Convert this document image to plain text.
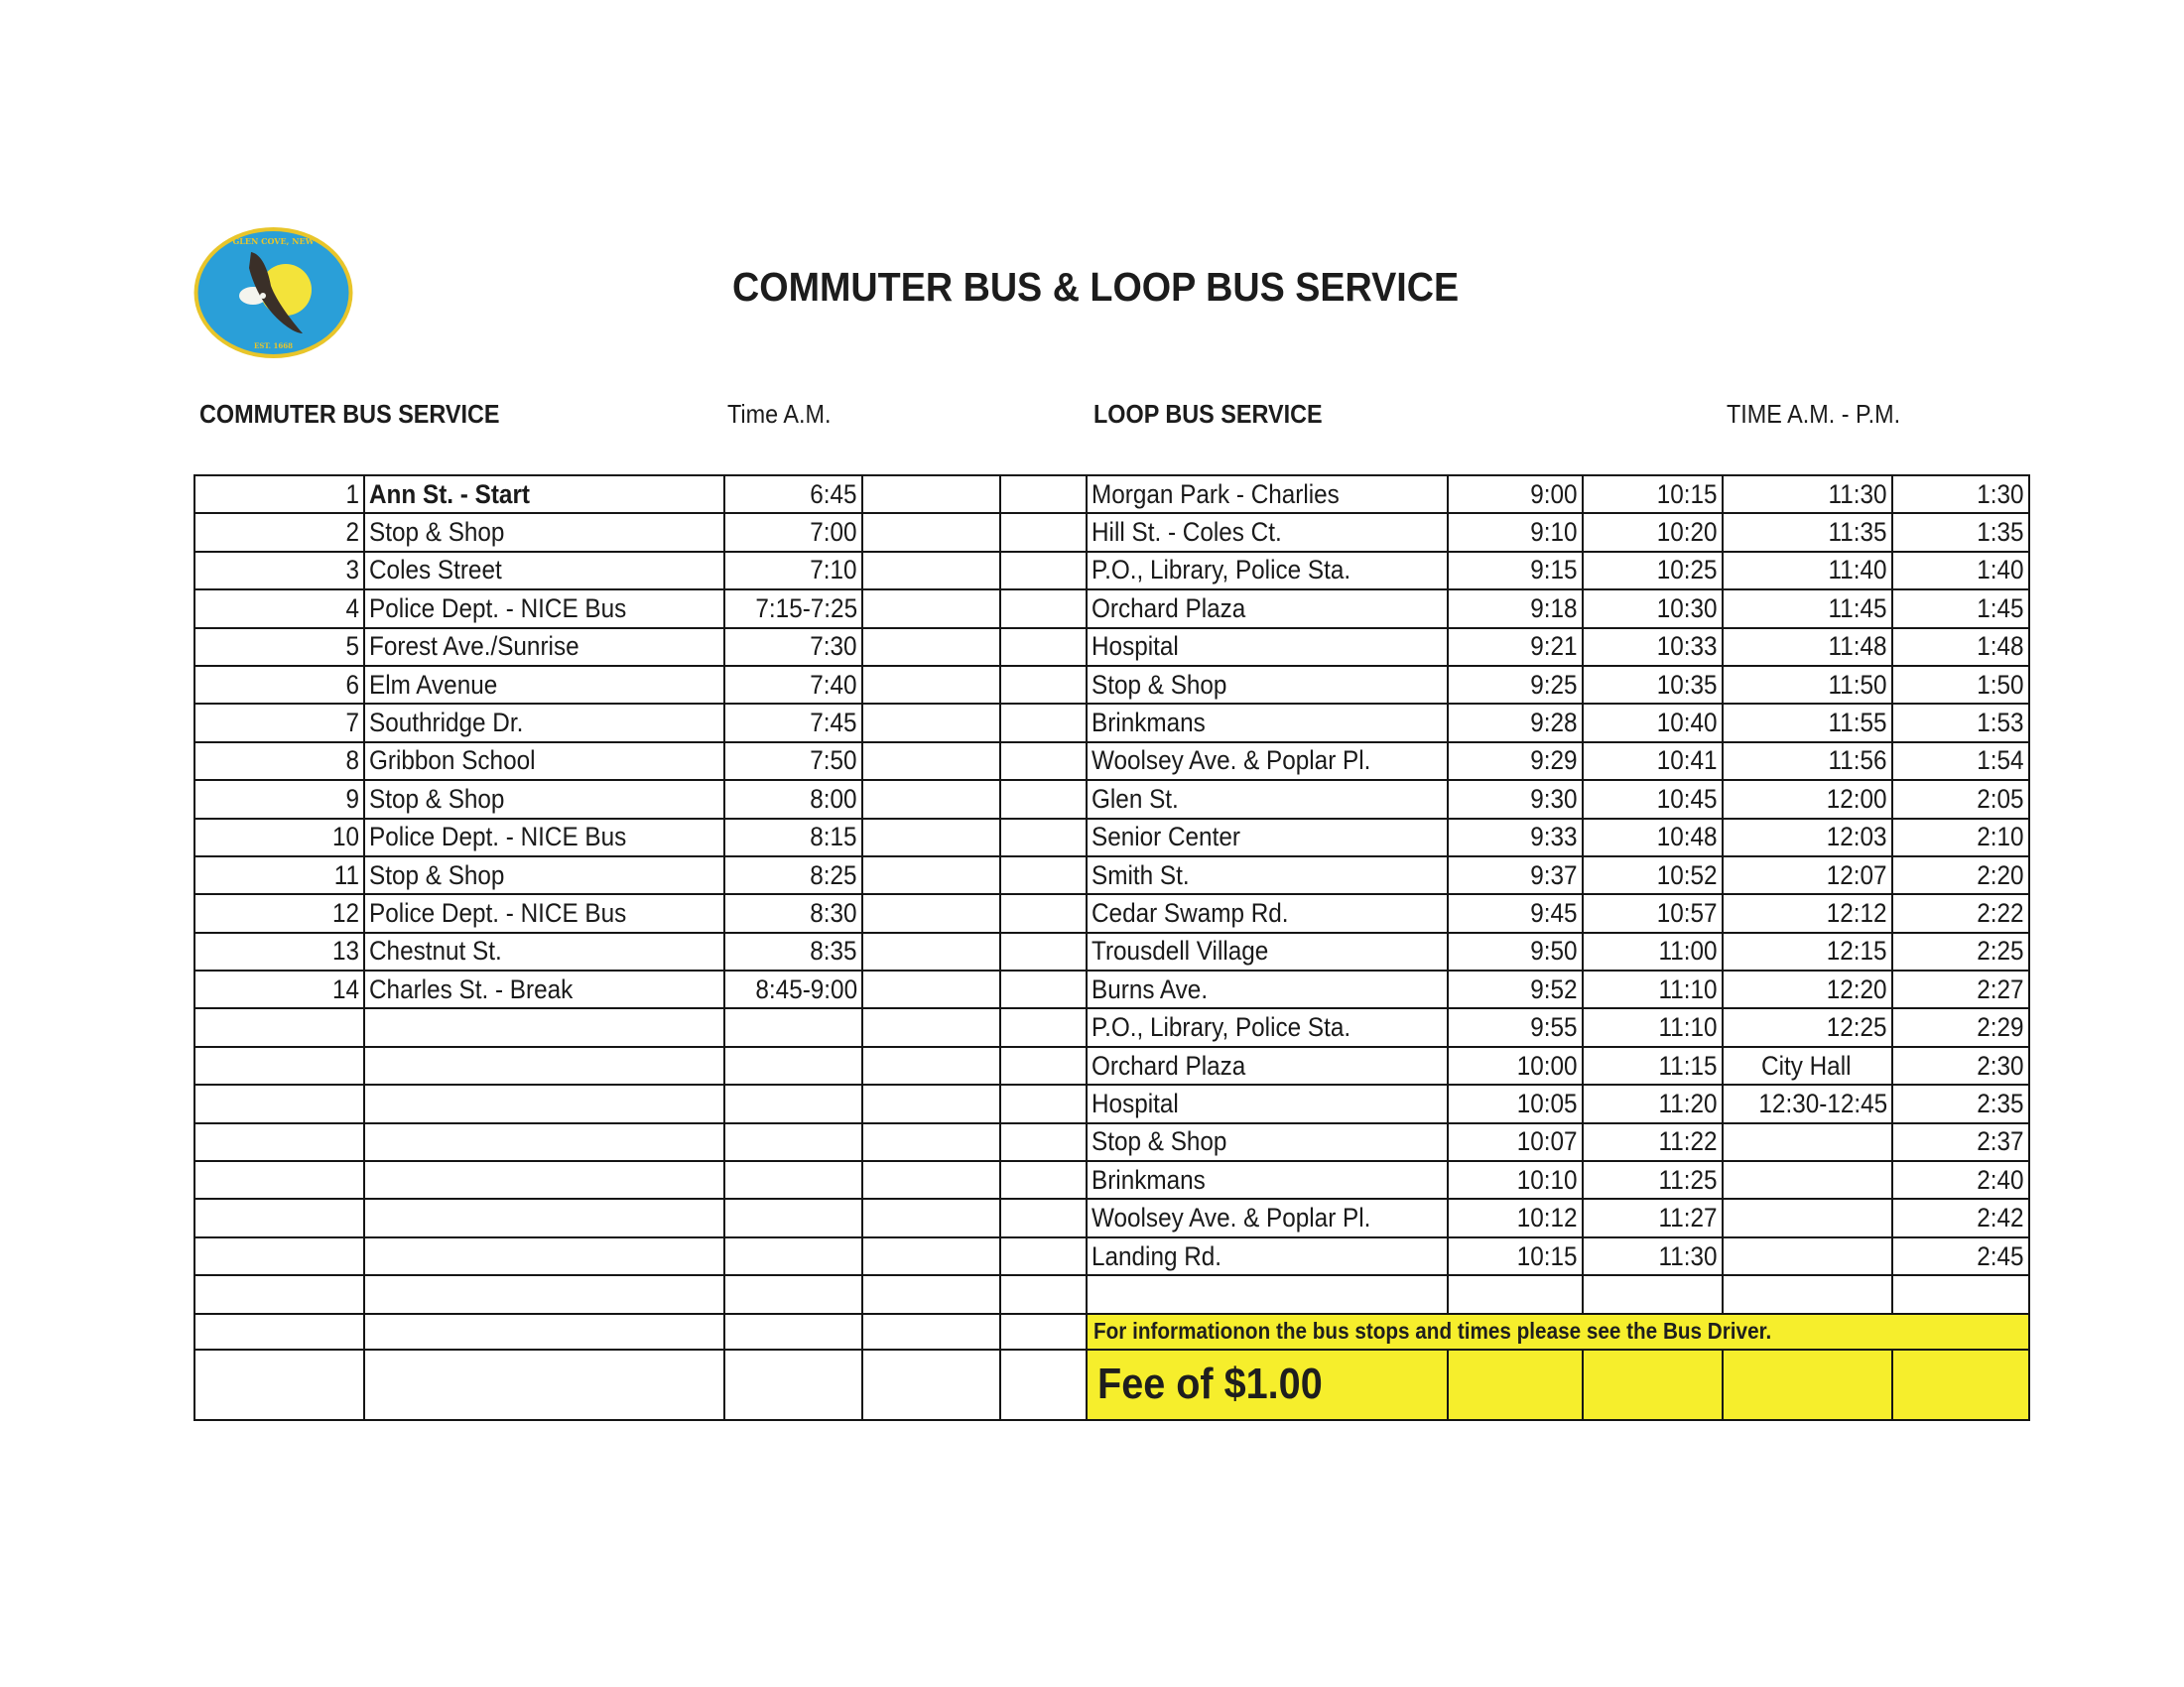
GLEN COVE, NEW
EST. 1668
COMMUTER BUS & LOOP BUS SERVICE
COMMUTER BUS SERVICE	Time A.M.	LOOP BUS SERVICE	TIME A.M. - P.M.
1	Ann St. - Start	6:45			Morgan Park - Charlies	9:00	10:15	11:30	1:30
2	Stop & Shop	7:00			Hill St. - Coles Ct.	9:10	10:20	11:35	1:35
3	Coles Street	7:10			P.O., Library, Police Sta.	9:15	10:25	11:40	1:40
4	Police Dept. - NICE Bus	7:15-7:25			Orchard Plaza	9:18	10:30	11:45	1:45
5	Forest Ave./Sunrise	7:30			Hospital	9:21	10:33	11:48	1:48
6	Elm Avenue	7:40			Stop & Shop	9:25	10:35	11:50	1:50
7	Southridge Dr.	7:45			Brinkmans	9:28	10:40	11:55	1:53
8	Gribbon School	7:50			Woolsey Ave. & Poplar Pl.	9:29	10:41	11:56	1:54
9	Stop & Shop	8:00			Glen St.	9:30	10:45	12:00	2:05
10	Police Dept. - NICE Bus	8:15			Senior Center	9:33	10:48	12:03	2:10
11	Stop & Shop	8:25			Smith St.	9:37	10:52	12:07	2:20
12	Police Dept. - NICE Bus	8:30			Cedar Swamp Rd.	9:45	10:57	12:12	2:22
13	Chestnut St.	8:35			Trousdell Village	9:50	11:00	12:15	2:25
14	Charles St. - Break	8:45-9:00			Burns Ave.	9:52	11:10	12:20	2:27
					P.O., Library, Police Sta.	9:55	11:10	12:25	2:29
					Orchard Plaza	10:00	11:15	City Hall	2:30
					Hospital	10:05	11:20	12:30-12:45	2:35
					Stop & Shop	10:07	11:22		2:37
					Brinkmans	10:10	11:25		2:40
					Woolsey Ave. & Poplar Pl.	10:12	11:27		2:42
					Landing Rd.	10:15	11:30		2:45

					For informationon the bus stops and times please see the Bus Driver.				
					Fee of $1.00				
